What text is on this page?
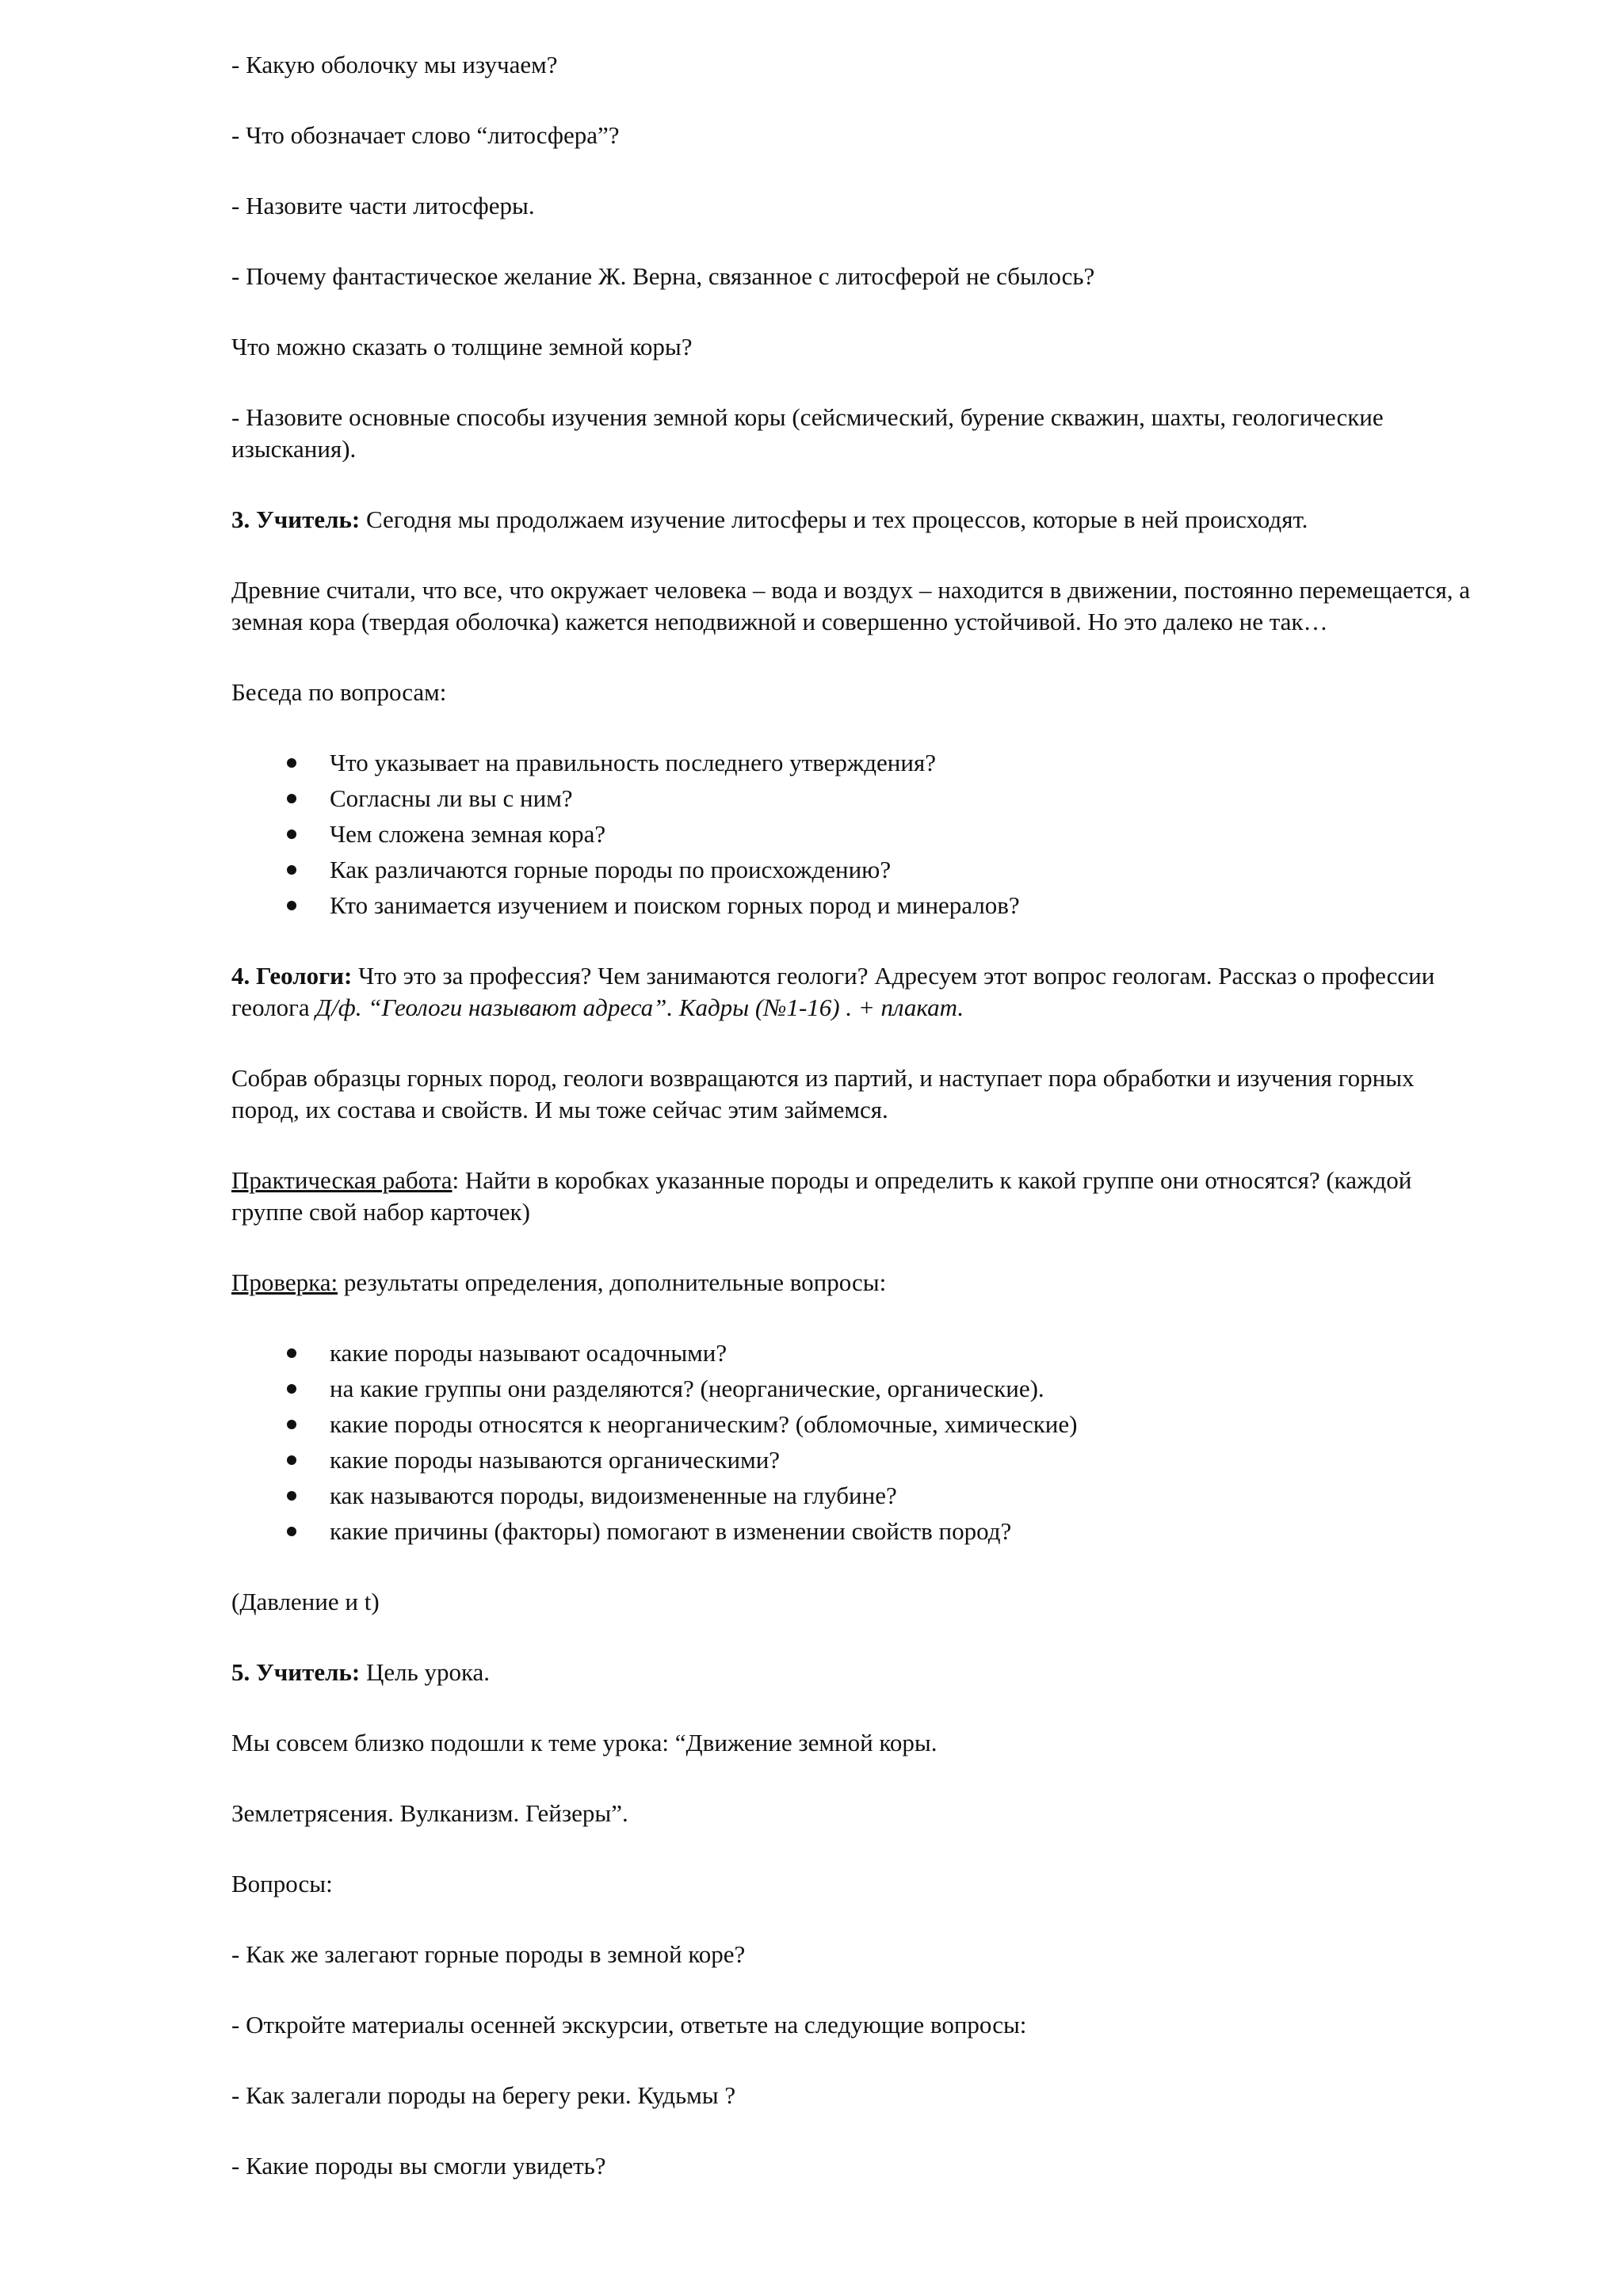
- Какую оболочку мы изучаем?

- Что обозначает слово “литосфера”?

- Назовите части литосферы.

- Почему фантастическое желание Ж. Верна, связанное с литосферой не сбылось?

Что можно сказать о толщине земной коры?

- Назовите основные способы изучения земной коры (сейсмический, бурение скважин, шахты, геологические изыскания).

3. Учитель: Сегодня мы продолжаем изучение литосферы и тех процессов, которые в ней происходят.

Древние считали, что все, что окружает человека – вода и воздух – находится в движении, постоянно перемещается, а земная кора (твердая оболочка) кажется неподвижной и совершенно устойчивой. Но это далеко не так…

Беседа по вопросам:

Что указывает на правильность последнего утверждения?
Согласны ли вы с ним?
Чем сложена земная кора?
Как различаются горные породы по происхождению?
Кто занимается изучением и поиском горных пород и минералов?

4. Геологи: Что это за профессия? Чем занимаются геологи? Адресуем этот вопрос геологам. Рассказ о профессии геолога Д/ф. “Геологи называют адреса”. Кадры (№1-16) . + плакат.

Собрав образцы горных пород, геологи возвращаются из партий, и наступает пора обработки и изучения горных пород, их состава и свойств. И мы тоже сейчас этим займемся.

Практическая работа: Найти в коробках указанные породы и определить к какой группе они относятся? (каждой группе свой набор карточек)

Проверка: результаты определения, дополнительные вопросы:

какие породы называют осадочными?
на какие группы они разделяются? (неорганические, органические).
какие породы относятся к неорганическим? (обломочные, химические)
какие породы называются органическими?
как называются породы, видоизмененные на глубине?
какие причины (факторы) помогают в изменении свойств пород?

(Давление и t)

5. Учитель: Цель урока.

Мы совсем близко подошли к теме урока: “Движение земной коры.

Землетрясения. Вулканизм. Гейзеры”.

Вопросы:

- Как же залегают горные породы в земной коре?

- Откройте материалы осенней экскурсии, ответьте на следующие вопросы:

- Как залегали породы на берегу реки. Кудьмы ?

- Какие породы вы смогли увидеть?
